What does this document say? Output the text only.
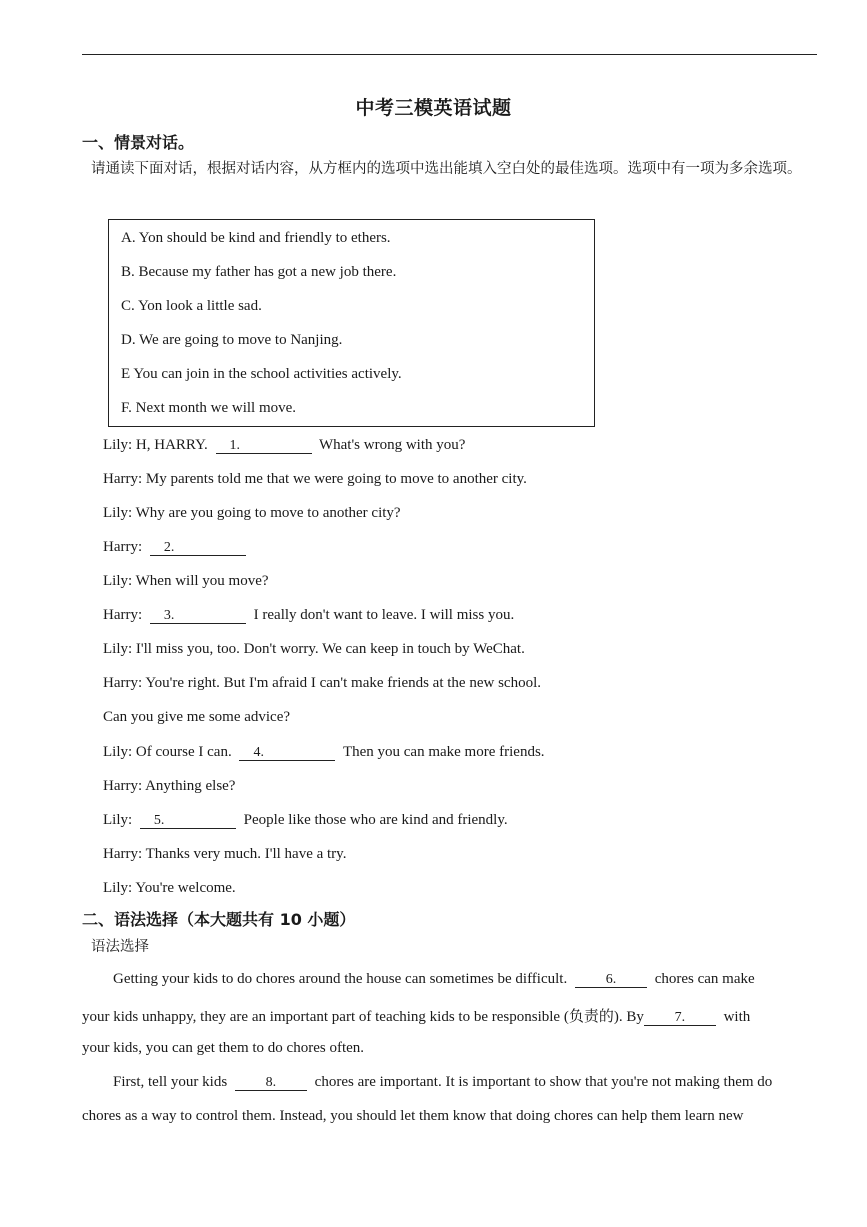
中考三模英语试题
一、情景对话。
请通读下面对话，根据对话内容，从方框内的选项中选出能填入空白处的最佳选项。选项中有一项为多余选项。
A. Yon should be kind and friendly to ethers.
B. Because my father has got a new job there.
C. Yon look a little sad.
D. We are going to move to Nanjing.
E You can join in the school activities actively.
F. Next month we will move.
Lily: H, HARRY. 1.	What's wrong with you?
Harry: My parents told me that we were going to move to another city.
Lily: Why are you going to move to another city?
Harry: 2.
Lily: When will you move?
Harry: 3.	I really don't want to leave. I will miss you.
Lily: I'll miss you, too. Don't worry. We can keep in touch by WeChat.
Harry: You're right. But I'm afraid I can't make friends at the new school.
Can you give me some advice?
Lily: Of course I can. 4.	Then you can make more friends.
Harry: Anything else?
Lily: 5.	People like those who are kind and friendly.
Harry: Thanks very much. I'll have a try.
Lily: You're welcome.
二、语法选择（本大题共有 10 小题）
语法选择
Getting your kids to do chores around the house can sometimes be difficult.	6.	chores can make
your kids unhappy, they are an important part of teaching kids to be responsible (负责的). By 7.	with
your kids, you can get them to do chores often.
First, tell your kids	8.	chores are important. It is important to show that you're not making them do
chores as a way to control them. Instead, you should let them know that doing chores can help them learn new
